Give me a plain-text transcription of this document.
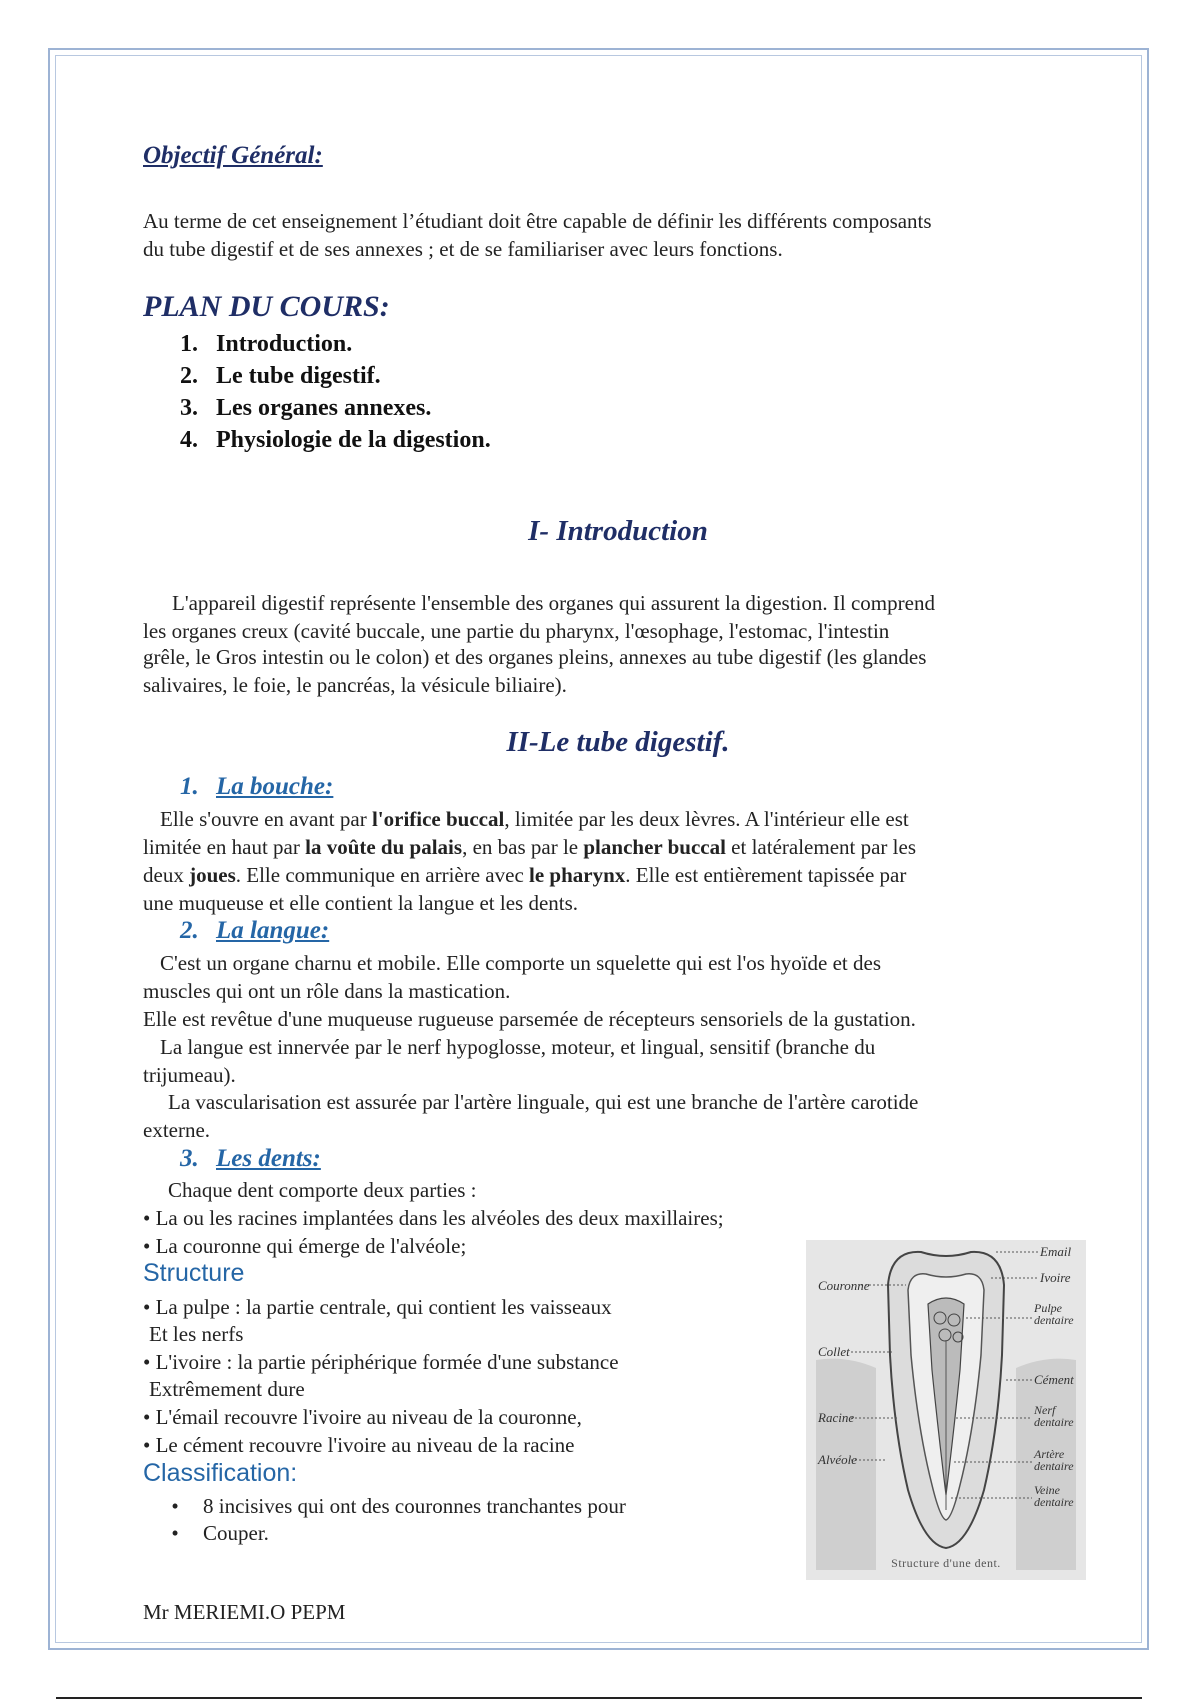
Objectif Général:
Au terme de cet enseignement l’étudiant doit être capable de définir les différents composants
du tube digestif et de ses annexes ; et de se familiariser avec leurs fonctions.
PLAN DU COURS:
1. Introduction.
2. Le tube digestif.
3. Les organes annexes.
4. Physiologie de la digestion.
I- Introduction
L'appareil digestif représente l'ensemble des organes qui assurent la digestion. Il comprend
les organes creux (cavité buccale, une partie du pharynx, l'œsophage, l'estomac, l'intestin
grêle, le Gros intestin ou le colon) et des organes pleins, annexes au tube digestif (les glandes
salivaires, le foie, le pancréas, la vésicule biliaire).
II-Le tube digestif.
1. La bouche:
Elle s'ouvre en avant par l'orifice buccal, limitée par les deux lèvres. A l'intérieur elle est
limitée en haut par la voûte du palais, en bas par le plancher buccal et latéralement par les
deux joues. Elle communique en arrière avec le pharynx. Elle est entièrement tapissée par
une muqueuse et elle contient la langue et les dents.
2. La langue:
C'est un organe charnu et mobile. Elle comporte un squelette qui est l'os hyoïde et des
muscles qui ont un rôle dans la mastication.
Elle est revêtue d'une muqueuse rugueuse parsemée de récepteurs sensoriels de la gustation.
La langue est innervée par le nerf hypoglosse, moteur, et lingual, sensitif (branche du
trijumeau).
La vascularisation est assurée par l'artère linguale, qui est une branche de l'artère carotide
externe.
3. Les dents:
Chaque dent comporte deux parties :
• La ou les racines implantées dans les alvéoles des deux maxillaires;
• La couronne qui émerge de l'alvéole;
Structure
• La pulpe : la partie centrale, qui contient les vaisseaux
Et les nerfs
• L'ivoire : la partie périphérique formée d'une substance
Extrêmement dure
• L'émail recouvre l'ivoire au niveau de la couronne,
• Le cément recouvre l'ivoire au niveau de la racine
Classification:
• 8 incisives qui ont des couronnes tranchantes pour
• Couper.
Couronne
Collet
Racine
Alvéole
Email
Ivoire
Pulpe
dentaire
Cément
Nerf
dentaire
Artère
dentaire
Veine
dentaire
Structure d'une dent.
Mr MERIEMI.O PEPM
